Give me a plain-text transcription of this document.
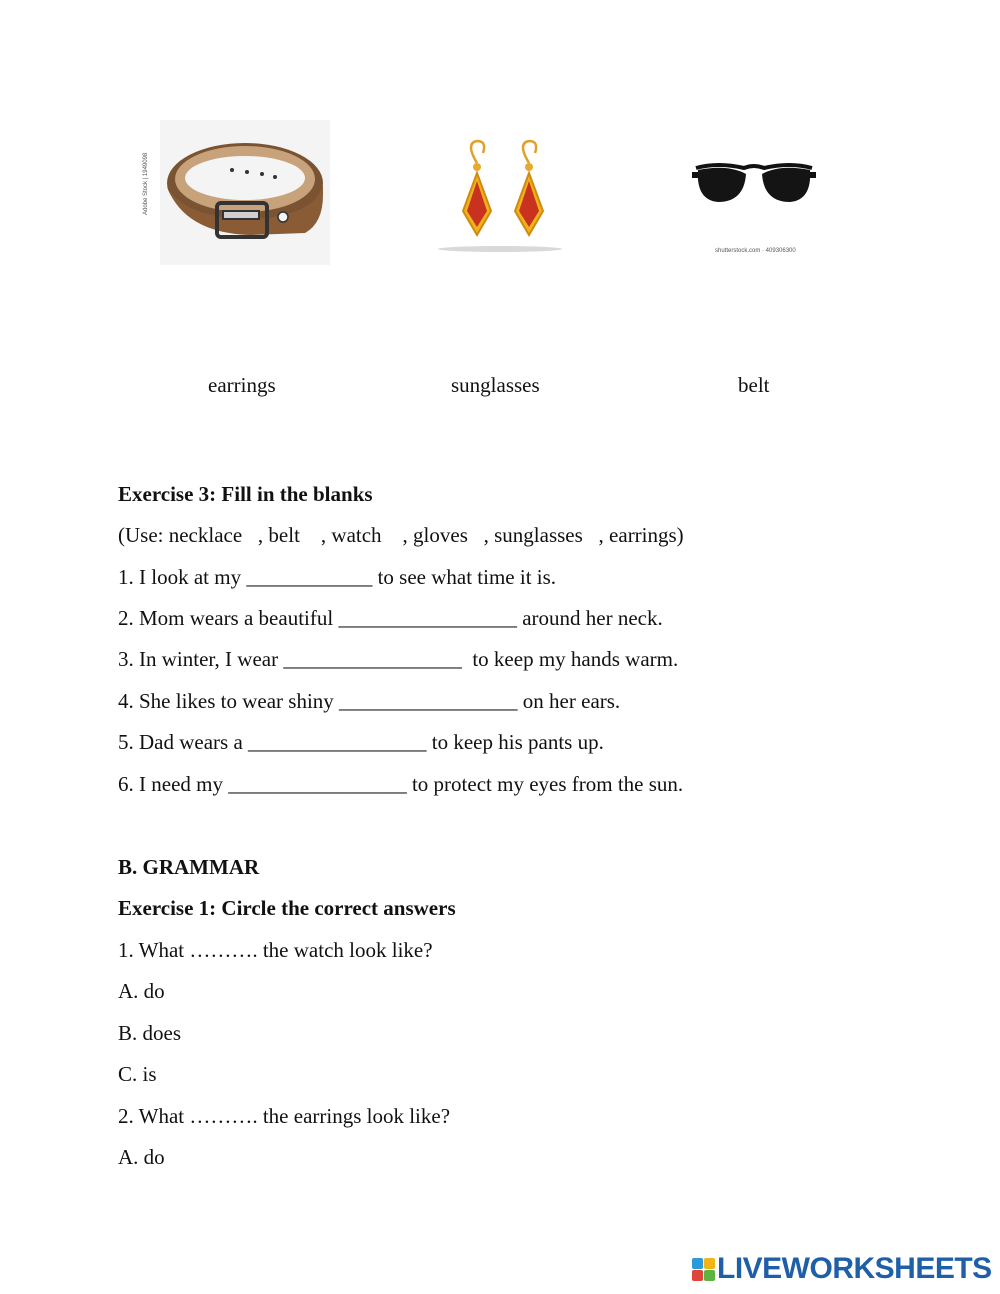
Adobe Stock | 1949098
shutterstock.com · 409306300
earrings	sunglasses	belt
Exercise 3: Fill in the blanks
(Use: necklace   , belt    , watch    , gloves   , sunglasses   , earrings)
1. I look at my ____________ to see what time it is.
2. Mom wears a beautiful _________________ around her neck.
3. In winter, I wear _________________  to keep my hands warm.
4. She likes to wear shiny _________________ on her ears.
5. Dad wears a _________________ to keep his pants up.
6. I need my _________________ to protect my eyes from the sun.
B. GRAMMAR
Exercise 1: Circle the correct answers
1. What ………. the watch look like?
A. do
B. does
C. is
2. What ………. the earrings look like?
A. do
LIVEWORKSHEETS
